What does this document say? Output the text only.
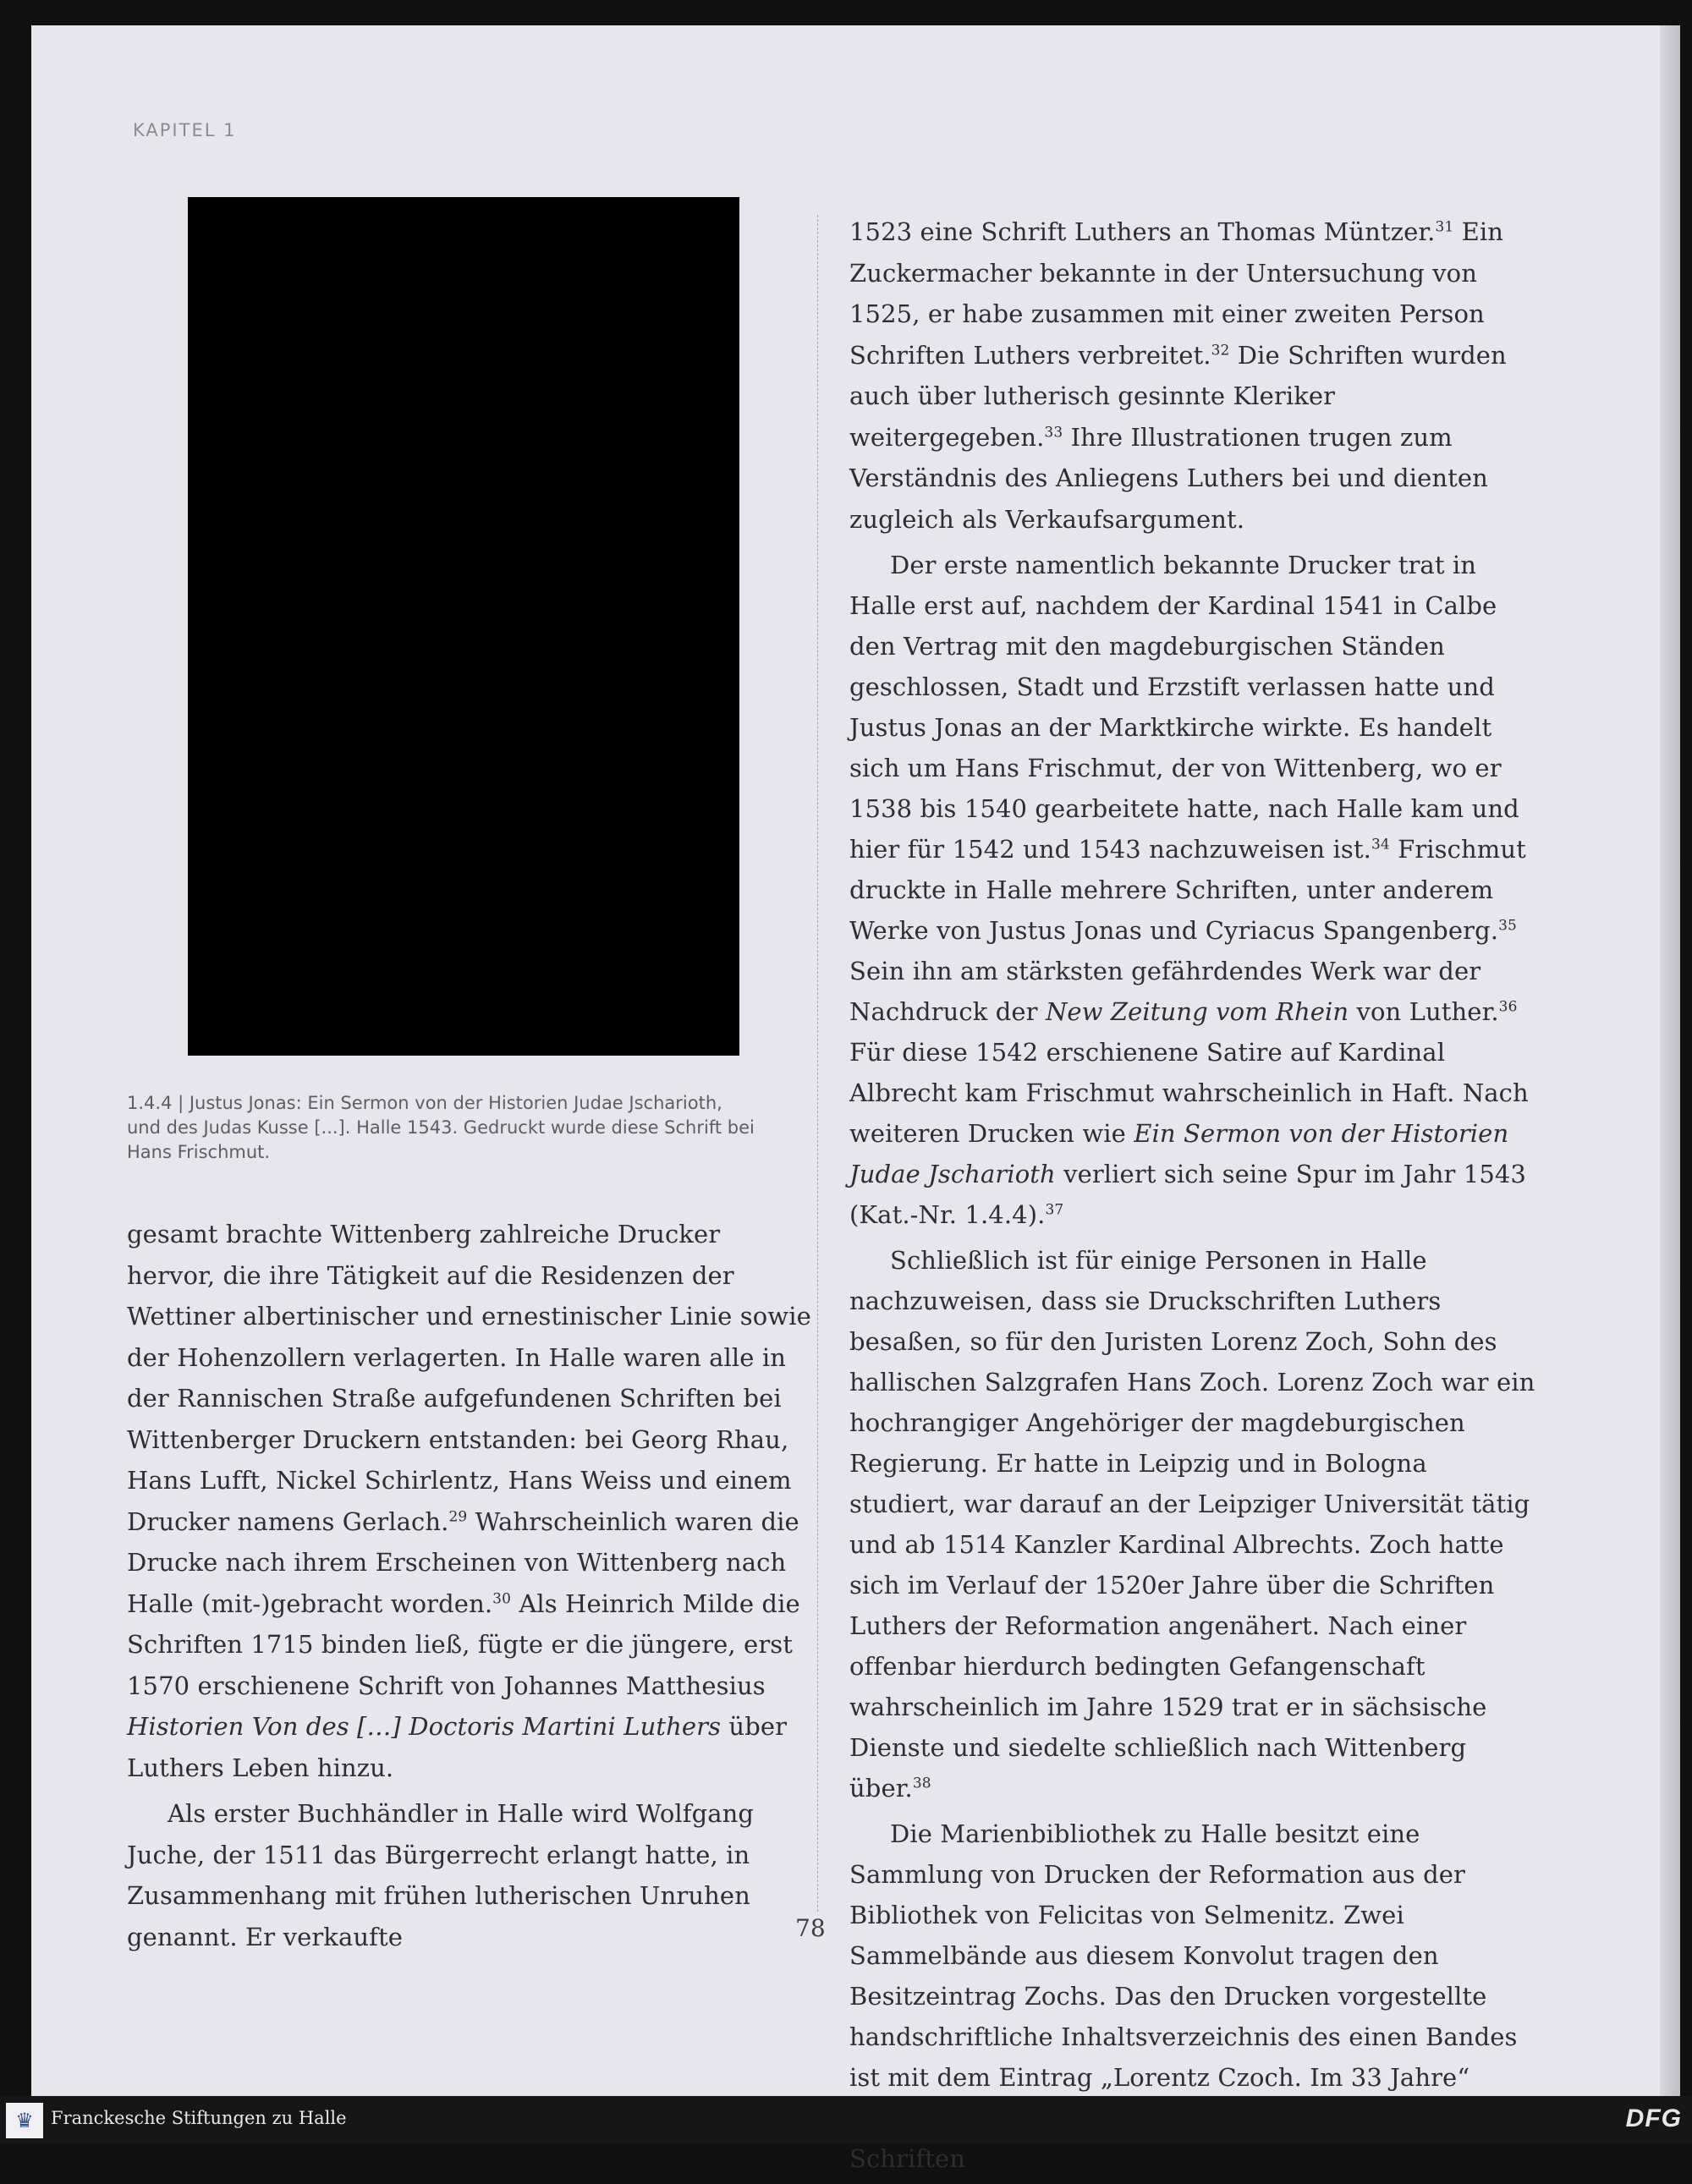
KAPITEL 1

1.4.4 | Justus Jonas: Ein Sermon von der Historien Judae Jscharioth,
und des Judas Kusse [...]. Halle 1543. Gedruckt wurde diese Schrift bei
Hans Frischmut.

gesamt brachte Wittenberg zahlreiche Drucker hervor, die ihre Tätigkeit auf die Residenzen der Wettiner albertinischer und ernestinischer Linie sowie der Hohenzollern verlagerten. In Halle waren alle in der Rannischen Straße aufgefundenen Schriften bei Wittenberger Druckern entstanden: bei Georg Rhau, Hans Lufft, Nickel Schirlentz, Hans Weiss und einem Drucker namens Gerlach.$^{29}$ Wahrscheinlich waren die Drucke nach ihrem Erscheinen von Wittenberg nach Halle (mit-)gebracht worden.$^{30}$ Als Heinrich Milde die Schriften 1715 binden ließ, fügte er die jüngere, erst 1570 erschienene Schrift von Johannes Matthesius Historien Von des […] Doctoris Martini Luthers über Luthers Leben hinzu.

Als erster Buchhändler in Halle wird Wolfgang Juche, der 1511 das Bürgerrecht erlangt hatte, in Zusammenhang mit frühen lutherischen Unruhen genannt. Er verkaufte

1523 eine Schrift Luthers an Thomas Müntzer.$^{31}$ Ein Zuckermacher bekannte in der Untersuchung von 1525, er habe zusammen mit einer zweiten Person Schriften Luthers verbreitet.$^{32}$ Die Schriften wurden auch über lutherisch gesinnte Kleriker weitergegeben.$^{33}$ Ihre Illustrationen trugen zum Verständnis des Anliegens Luthers bei und dienten zugleich als Verkaufsargument.

Der erste namentlich bekannte Drucker trat in Halle erst auf, nachdem der Kardinal 1541 in Calbe den Vertrag mit den magdeburgischen Ständen geschlossen, Stadt und Erzstift verlassen hatte und Justus Jonas an der Marktkirche wirkte. Es handelt sich um Hans Frischmut, der von Wittenberg, wo er 1538 bis 1540 gearbeitete hatte, nach Halle kam und hier für 1542 und 1543 nachzuweisen ist.$^{34}$ Frischmut druckte in Halle mehrere Schriften, unter anderem Werke von Justus Jonas und Cyriacus Spangenberg.$^{35}$ Sein ihn am stärksten gefährdendes Werk war der Nachdruck der New Zeitung vom Rhein von Luther.$^{36}$ Für diese 1542 erschienene Satire auf Kardinal Albrecht kam Frischmut wahrscheinlich in Haft. Nach weiteren Drucken wie Ein Sermon von der Historien Judae Jscharioth verliert sich seine Spur im Jahr 1543 (Kat.-Nr. 1.4.4).$^{37}$

Schließlich ist für einige Personen in Halle nachzuweisen, dass sie Druckschriften Luthers besaßen, so für den Juristen Lorenz Zoch, Sohn des hallischen Salzgrafen Hans Zoch. Lorenz Zoch war ein hochrangiger Angehöriger der magdeburgischen Regierung. Er hatte in Leipzig und in Bologna studiert, war darauf an der Leipziger Universität tätig und ab 1514 Kanzler Kardinal Albrechts. Zoch hatte sich im Verlauf der 1520er Jahre über die Schriften Luthers der Reformation angenähert. Nach einer offenbar hierdurch bedingten Gefangenschaft wahrscheinlich im Jahre 1529 trat er in sächsische Dienste und siedelte schließlich nach Wittenberg über.$^{38}$

Die Marienbibliothek zu Halle besitzt eine Sammlung von Drucken der Reformation aus der Bibliothek von Felicitas von Selmenitz. Zwei Sammelbände aus diesem Konvolut tragen den Besitzeintrag Zochs. Das den Drucken vorgestellte handschriftliche Inhaltsverzeichnis des einen Bandes ist mit dem Eintrag „Lorentz Czoch. Im 33 Jahre“ Schriften

78

♛ Franckesche Stiftungen zu Halle	DFG
